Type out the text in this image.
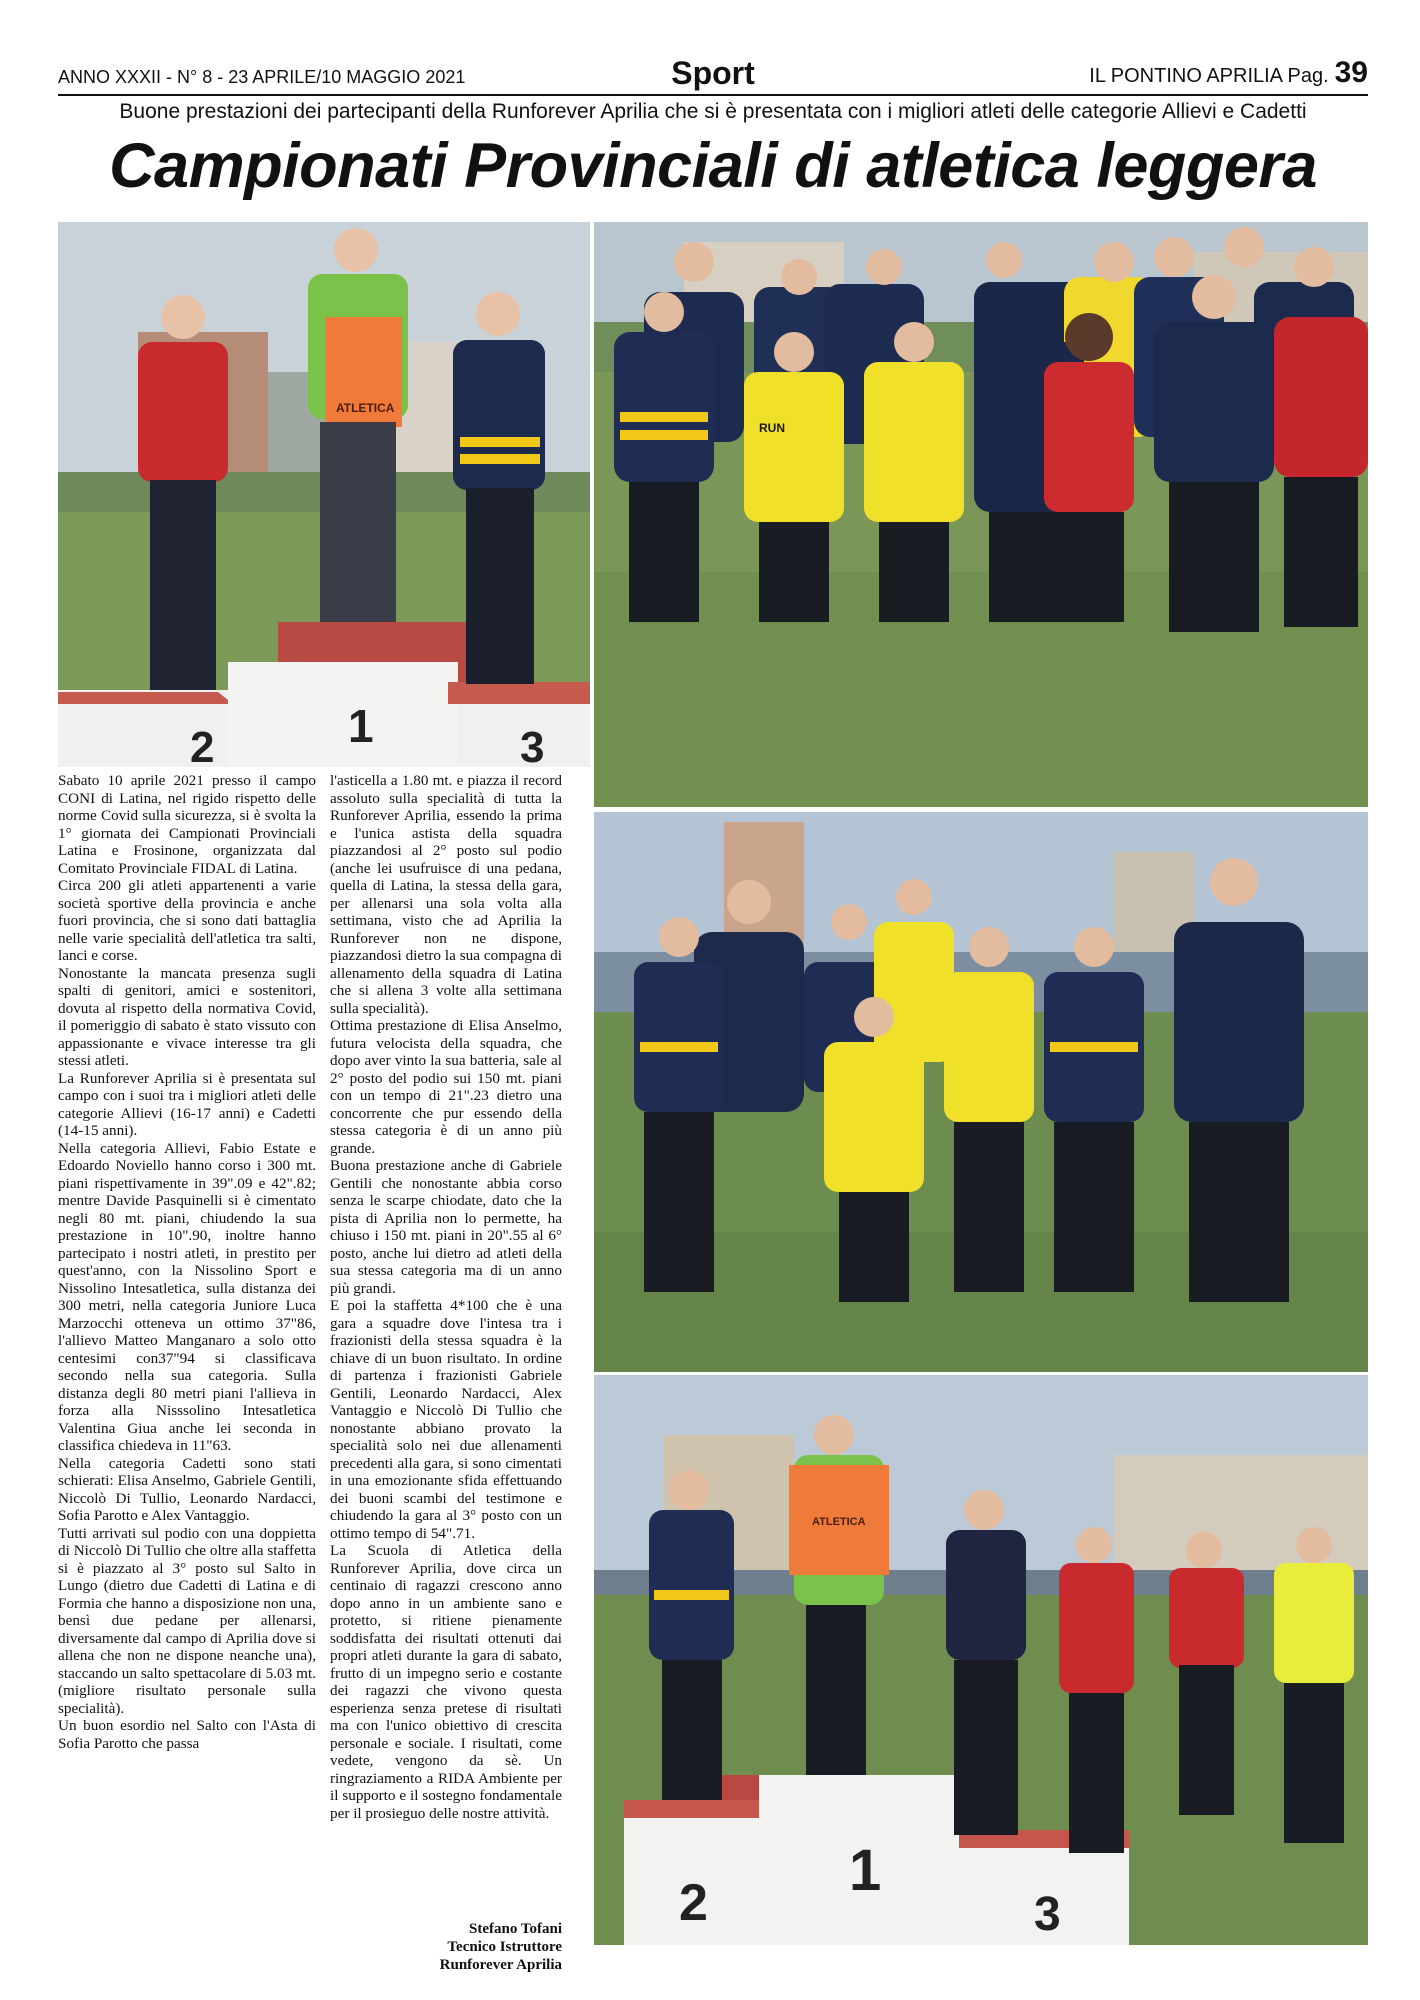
ANNO XXXII - N° 8 - 23 APRILE/10 MAGGIO 2021	Sport	IL PONTINO APRILIA Pag. 39
Buone prestazioni dei partecipanti della Runforever Aprilia che si è presentata con i migliori atleti delle categorie Allievi e Cadetti
Campionati Provinciali di atletica leggera
1
2	3
ATLETICA
RUN
1
2	3
ATLETICA

Sabato 10 aprile 2021 presso il campo CONI di Latina, nel rigido rispetto delle norme Covid sulla sicurezza, si è svolta la 1° giornata dei Campionati Provinciali Latina e Frosinone, organizzata dal Comitato Provinciale FIDAL di Latina.

Circa 200 gli atleti appartenenti a varie società sportive della provincia e anche fuori provincia, che si sono dati battaglia nelle varie specialità dell'atletica tra salti, lanci e corse.

Nonostante la mancata presenza sugli spalti di genitori, amici e sostenitori, dovuta al rispetto della normativa Covid, il pomeriggio di sabato è stato vissuto con appassionante e vivace interesse tra gli stessi atleti.

La Runforever Aprilia si è presentata sul campo con i suoi tra i migliori atleti delle categorie Allievi (16-17 anni) e Cadetti (14-15 anni).

Nella categoria Allievi, Fabio Estate e Edoardo Noviello hanno corso i 300 mt. piani rispettivamente in 39".09 e 42".82; mentre Davide Pasquinelli si è cimentato negli 80 mt. piani, chiudendo la sua prestazione in 10".90, inoltre hanno partecipato i nostri atleti, in prestito per quest'anno, con la Nissolino Sport e Nissolino Intesatletica, sulla distanza dei 300 metri, nella categoria Juniore Luca Marzocchi otteneva un ottimo 37"86, l'allievo Matteo Manganaro a solo otto centesimi con37"94 si classificava secondo nella sua categoria. Sulla distanza degli 80 metri piani l'allieva in forza alla Nisssolino Intesatletica Valentina Giua anche lei seconda in classifica chiedeva in 11"63.

Nella categoria Cadetti sono stati schierati: Elisa Anselmo, Gabriele Gentili, Niccolò Di Tullio, Leonardo Nardacci, Sofia Parotto e Alex Vantaggio.

Tutti arrivati sul podio con una doppietta di Niccolò Di Tullio che oltre alla staffetta si è piazzato al 3° posto sul Salto in Lungo (dietro due Cadetti di Latina e di Formia che hanno a disposizione non una, bensì due pedane per allenarsi, diversamente dal campo di Aprilia dove si allena che non ne dispone neanche una), staccando un salto spettacolare di 5.03 mt. (migliore risultato personale sulla specialità).

Un buon esordio nel Salto con l'Asta di Sofia Parotto che passa

l'asticella a 1.80 mt. e piazza il record assoluto sulla specialità di tutta la Runforever Aprilia, essendo la prima e l'unica astista della squadra piazzandosi al 2° posto sul podio (anche lei usufruisce di una pedana, quella di Latina, la stessa della gara, per allenarsi una sola volta alla settimana, visto che ad Aprilia la Runforever non ne dispone, piazzandosi dietro la sua compagna di allenamento della squadra di Latina che si allena 3 volte alla settimana sulla specialità).

Ottima prestazione di Elisa Anselmo, futura velocista della squadra, che dopo aver vinto la sua batteria, sale al 2° posto del podio sui 150 mt. piani con un tempo di 21".23 dietro una concorrente che pur essendo della stessa categoria è di un anno più grande.

Buona prestazione anche di Gabriele Gentili che nonostante abbia corso senza le scarpe chiodate, dato che la pista di Aprilia non lo permette, ha chiuso i 150 mt. piani in 20".55 al 6° posto, anche lui dietro ad atleti della sua stessa categoria ma di un anno più grandi.

E poi la staffetta 4*100 che è una gara a squadre dove l'intesa tra i frazionisti della stessa squadra è la chiave di un buon risultato. In ordine di partenza i frazionisti Gabriele Gentili, Leonardo Nardacci, Alex Vantaggio e Niccolò Di Tullio che nonostante abbiano provato la specialità solo nei due allenamenti precedenti alla gara, si sono cimentati in una emozionante sfida effettuando dei buoni scambi del testimone e chiudendo la gara al 3° posto con un ottimo tempo di 54".71.

La Scuola di Atletica della Runforever Aprilia, dove circa un centinaio di ragazzi crescono anno dopo anno in un ambiente sano e protetto, si ritiene pienamente soddisfatta dei risultati ottenuti dai propri atleti durante la gara di sabato, frutto di un impegno serio e costante dei ragazzi che vivono questa esperienza senza pretese di risultati ma con l'unico obiettivo di crescita personale e sociale. I risultati, come vedete, vengono da sè. Un ringraziamento a RIDA Ambiente per il supporto e il sostegno fondamentale per il prosieguo delle nostre attività.

Stefano Tofani
Tecnico Istruttore
Runforever Aprilia
